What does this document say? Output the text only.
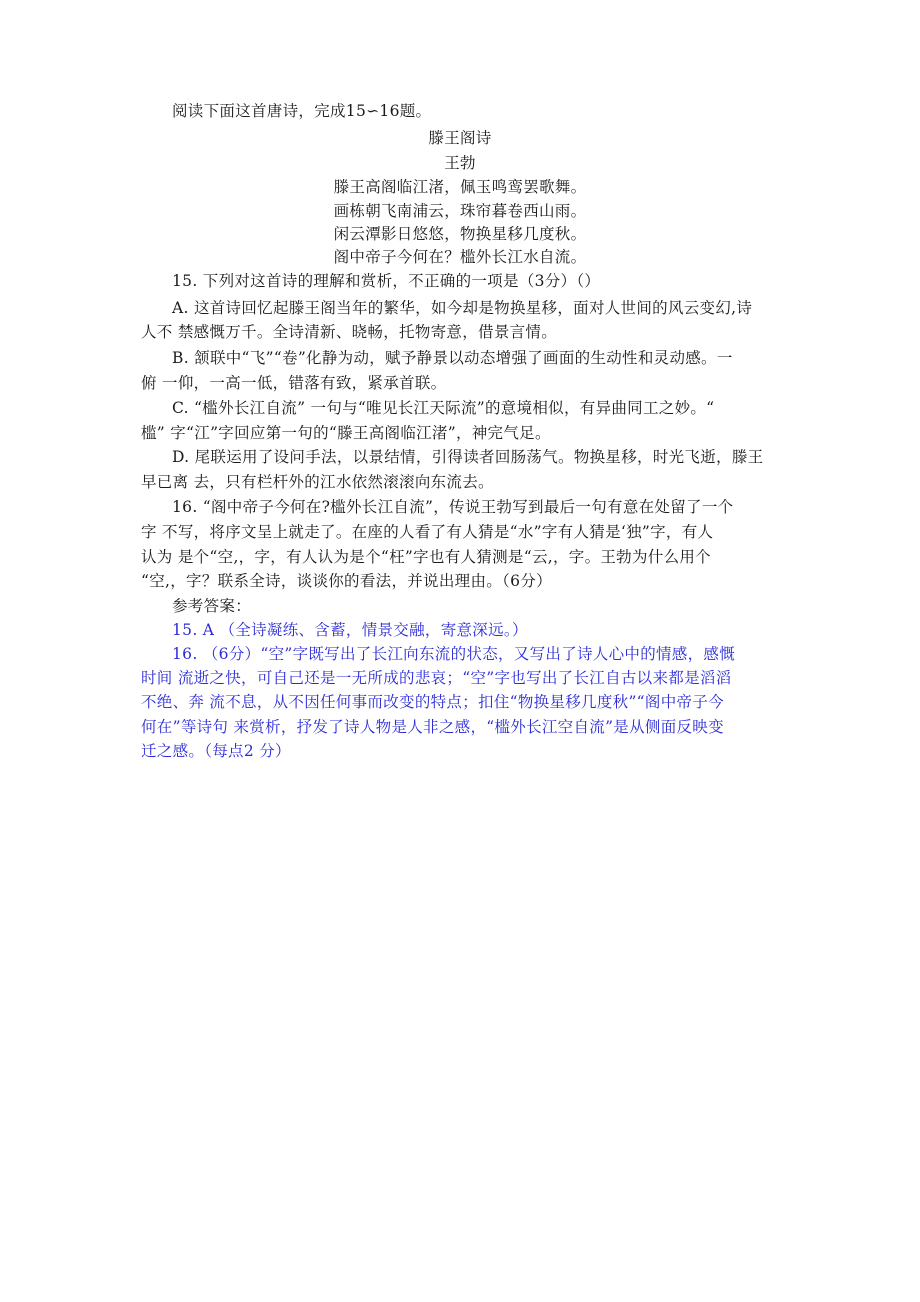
阅读下面这首唐诗，完成15∽16题。
滕王阁诗
王勃
滕王高阁临江渚，佩玉鸣鸾罢歌舞。
画栋朝飞南浦云，珠帘暮卷西山雨。
闲云潭影日悠悠，物换星移几度秋。
阁中帝子今何在？槛外长江水自流。
15. 下列对这首诗的理解和赏析，不正确的一项是（3分）（）
A. 这首诗回忆起滕王阁当年的繁华，如今却是物换星移，面对人世间的风云变幻,诗
人不 禁感慨万千。全诗清新、晓畅，托物寄意，借景言情。
B. 颔联中“飞”“卷”化静为动，赋予静景以动态增强了画面的生动性和灵动感。一
俯 一仰，一高一低，错落有致，紧承首联。
C. “槛外长江自流” 一句与“唯见长江天际流”的意境相似，有异曲同工之妙。“
槛” 字“江”字回应第一句的“滕王高阁临江渚”，神完气足。
D. 尾联运用了设问手法，以景结情，引得读者回肠荡气。物换星移，时光飞逝，滕王
早已离 去，只有栏杆外的江水依然滚滚向东流去。
16. “阁中帝子今何在?槛外长江自流”，传说王勃写到最后一句有意在处留了一个
字 不写，将序文呈上就走了。在座的人看了有人猜是“水”字有人猜是‘独”字，有人
认为 是个“空,，字，有人认为是个“枉”字也有人猜测是“云,，字。王勃为什么用个
“空,，字？联系全诗，谈谈你的看法，并说出理由。（6分）
参考答案：
15. A （全诗凝练、含蓄，情景交融，寄意深远。）
16. （6分）“空”字既写出了长江向东流的状态，又写出了诗人心中的情感，感慨
时间 流逝之快，可自己还是一无所成的悲哀；“空”字也写出了长江自古以来都是滔滔
不绝、奔 流不息，从不因任何事而改变的特点；扣住“物换星移几度秋”“阁中帝子今
何在”等诗句 来赏析，抒发了诗人物是人非之感，“槛外长江空自流”是从侧面反映变
迁之感。（每点2 分）
